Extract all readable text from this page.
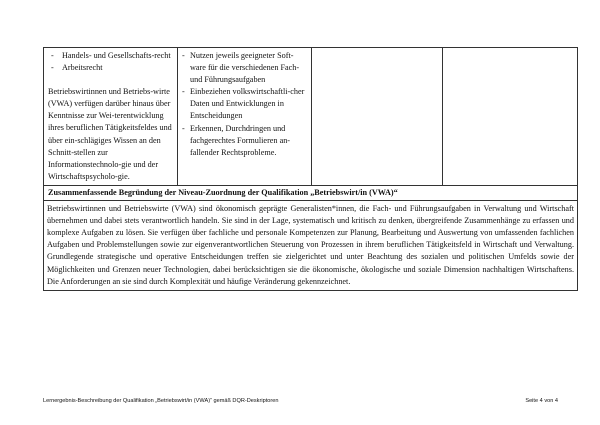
- Handels- und Gesellschafts-recht
- Arbeitsrecht
Betriebswirtinnen und Betriebs-wirte (VWA) verfügen darüber hinaus über Kenntnisse zur Wei-terentwicklung ihres beruflichen Tätigkeitsfeldes und über ein-schlägiges Wissen an den Schnitt-stellen zur Informationstechnolo-gie und der Wirtschaftspsycholo-gie.

- Nutzen jeweils geeigneter Soft-ware für die verschiedenen Fach- und Führungsaufgaben
- Einbeziehen volkswirtschaftli-cher Daten und Entwicklungen in Entscheidungen
- Erkennen, Durchdringen und fachgerechtes Formulieren an-fallender Rechtsprobleme.

Zusammenfassende Begründung der Niveau-Zuordnung der Qualifikation „Betriebswirt/in (VWA)“
Betriebswirtinnen und Betriebswirte (VWA) sind ökonomisch geprägte Generalisten*innen, die Fach- und Führungsaufgaben in Verwaltung und Wirtschaft übernehmen und dabei stets verantwortlich handeln. Sie sind in der Lage, systematisch und kritisch zu denken, übergreifende Zusammenhänge zu erfassen und komplexe Aufgaben zu lösen. Sie verfügen über fachliche und personale Kompetenzen zur Planung, Bearbeitung und Auswertung von umfassenden fachlichen Aufgaben und Problemstellungen sowie zur eigenverantwortlichen Steuerung von Prozessen in ihrem beruflichen Tätigkeitsfeld in Wirtschaft und Verwaltung. Grundlegende strategische und operative Entscheidungen treffen sie zielgerichtet und unter Beachtung des sozialen und politischen Umfelds sowie der Möglichkeiten und Grenzen neuer Technologien, dabei berücksichtigen sie die ökonomische, ökologische und soziale Dimension nachhaltigen Wirtschaftens. Die Anforderungen an sie sind durch Komplexität und häufige Veränderung gekennzeichnet.
Lernergebnis-Beschreibung der Qualifikation „Betriebswirt/in (VWA)“ gemäß DQR-Deskriptoren	Seite 4 von 4
